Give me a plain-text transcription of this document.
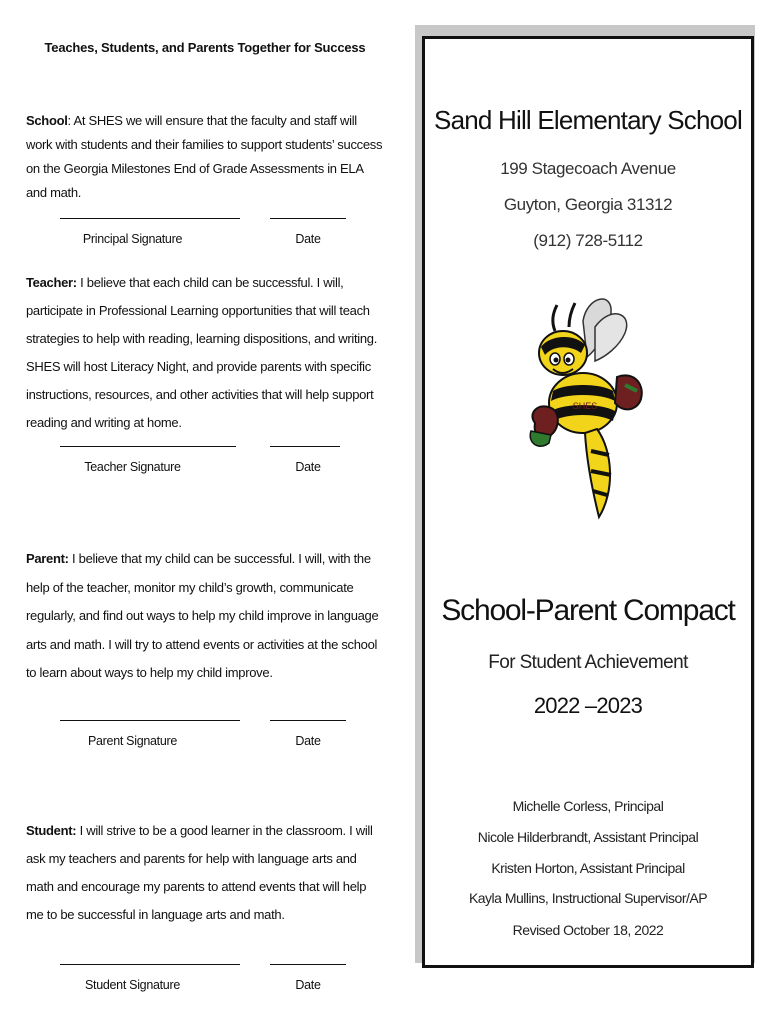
Teaches, Students, and Parents Together for Success
School: At SHES we will ensure that the faculty and staff will work with students and their families to support students’ success on the Georgia Milestones End of Grade Assessments in ELA and math.
Principal Signature	Date
Teacher: I believe that each child can be successful. I will, participate in Professional Learning opportunities that will teach strategies to help with reading, learning dispositions, and writing. SHES will host Literacy Night, and provide parents with specific instructions, resources, and other activities that will help support reading and writing at home.
Teacher Signature	Date
Parent: I believe that my child can be successful. I will, with the help of the teacher, monitor my child’s growth, communicate regularly, and find out ways to help my child improve in language arts and math. I will try to attend events or activities at the school to learn about ways to help my child improve.
Parent Signature	Date
Student: I will strive to be a good learner in the classroom. I will ask my teachers and parents for help with language arts and math and encourage my parents to attend events that will help me to be successful in language arts and math.
Student Signature	Date
Sand Hill Elementary School
199 Stagecoach Avenue
Guyton, Georgia 31312
(912) 728-5112
SHES
School-Parent Compact
For Student Achievement
2022 –2023
Michelle Corless, Principal
Nicole Hilderbrandt, Assistant Principal
Kristen Horton, Assistant Principal
Kayla Mullins, Instructional Supervisor/AP
Revised October 18, 2022
